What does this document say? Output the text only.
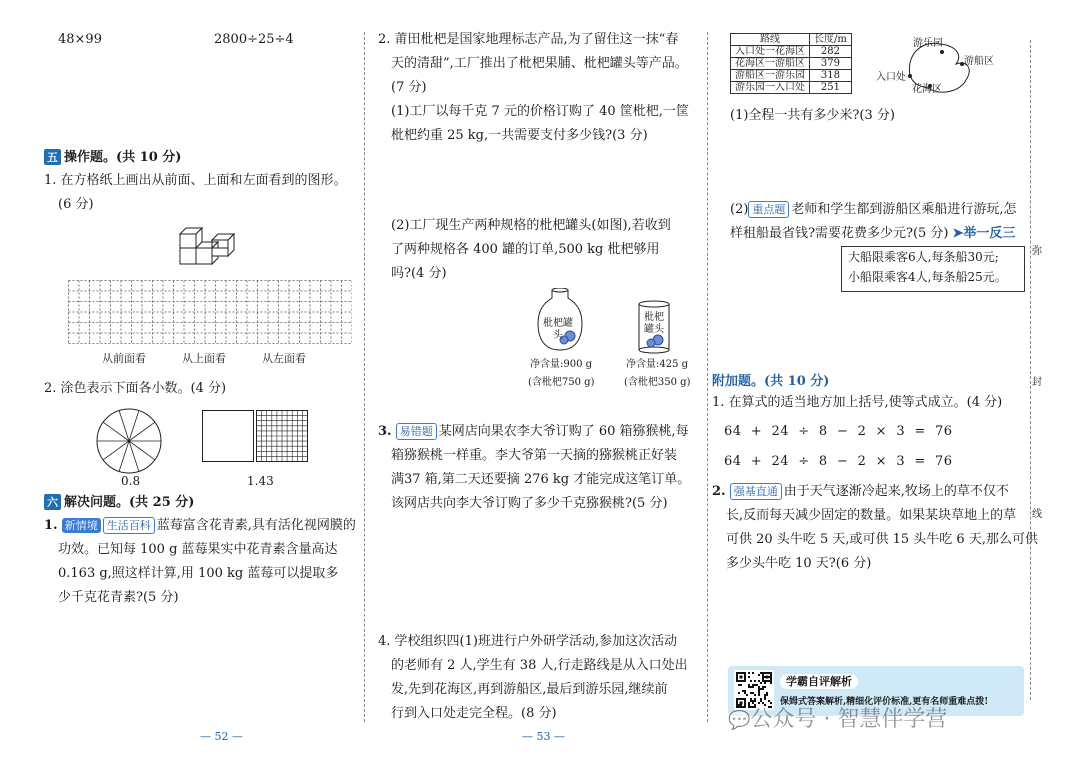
48×99	2800÷25÷4
五 操作题。(共 10 分)
1. 在方格纸上画出从前面、上面和左面看到的图形。
(6 分)
从前面看	从上面看	从左面看
2. 涂色表示下面各小数。(4 分)
0.8	1.43
六 解决问题。(共 25 分)
1. 新情境 生活百科 蓝莓富含花青素,具有活化视网膜的
功效。已知每 100 g 蓝莓果实中花青素含量高达
0.163 g,照这样计算,用 100 kg 蓝莓可以提取多
少千克花青素?(5 分)
— 52 —
2. 莆田枇杷是国家地理标志产品,为了留住这一抹“春
天的清甜”,工厂推出了枇杷果脯、枇杷罐头等产品。
(7 分)
(1)工厂以每千克 7 元的价格订购了 40 筐枇杷,一筐
枇杷约重 25 kg,一共需要支付多少钱?(3 分)
(2)工厂现生产两种规格的枇杷罐头(如图),若收到
了两种规格各 400 罐的订单,500 kg 枇杷够用
吗?(4 分)
枇杷罐头
枇杷罐头
净含量:900 g
(含枇杷750 g)
净含量:425 g
(含枇杷350 g)
3. 易错题 某网店向果农李大爷订购了 60 箱猕猴桃,每
箱猕猴桃一样重。李大爷第一天摘的猕猴桃正好装
满37 箱,第二天还要摘 276 kg 才能完成这笔订单。
该网店共向李大爷订购了多少千克猕猴桃?(5 分)
4. 学校组织四(1)班进行户外研学活动,参加这次活动
的老师有 2 人,学生有 38 人,行走路线是从入口处出
发,先到花海区,再到游船区,最后到游乐园,继续前
行到入口处走完全程。(8 分)
— 53 —
路线	长度/m
入口处一花海区	282
花海区一游船区	379
游船区一游乐园	318
游乐园一入口处	251
游乐园
游船区
入口处
花海区
(1)全程一共有多少米?(3 分)
(2) 重点题 老师和学生都到游船区乘船进行游玩,怎
样租船最省钱?需要花费多少元?(5 分) ➤举一反三
大船限乘客6人,每条船30元;
小船限乘客4人,每条船25元。
附加题。(共 10 分)
1. 在算式的适当地方加上括号,使等式成立。(4 分)
64  +  24  ÷  8  −  2  ×  3  =  76
64  +  24  ÷  8  −  2  ×  3  =  76
2. 强基直通 由于天气逐渐冷起来,牧场上的草不仅不
长,反而每天减少固定的数量。如果某块草地上的草
可供 20 头牛吃 5 天,或可供 15 头牛吃 6 天,那么可供
多少头牛吃 10 天?(6 分)
学霸自评解析
保姆式答案解析,精细化评价标准,更有名师重难点拨!
💬公众号 · 智慧伴学营
弥
封
线
